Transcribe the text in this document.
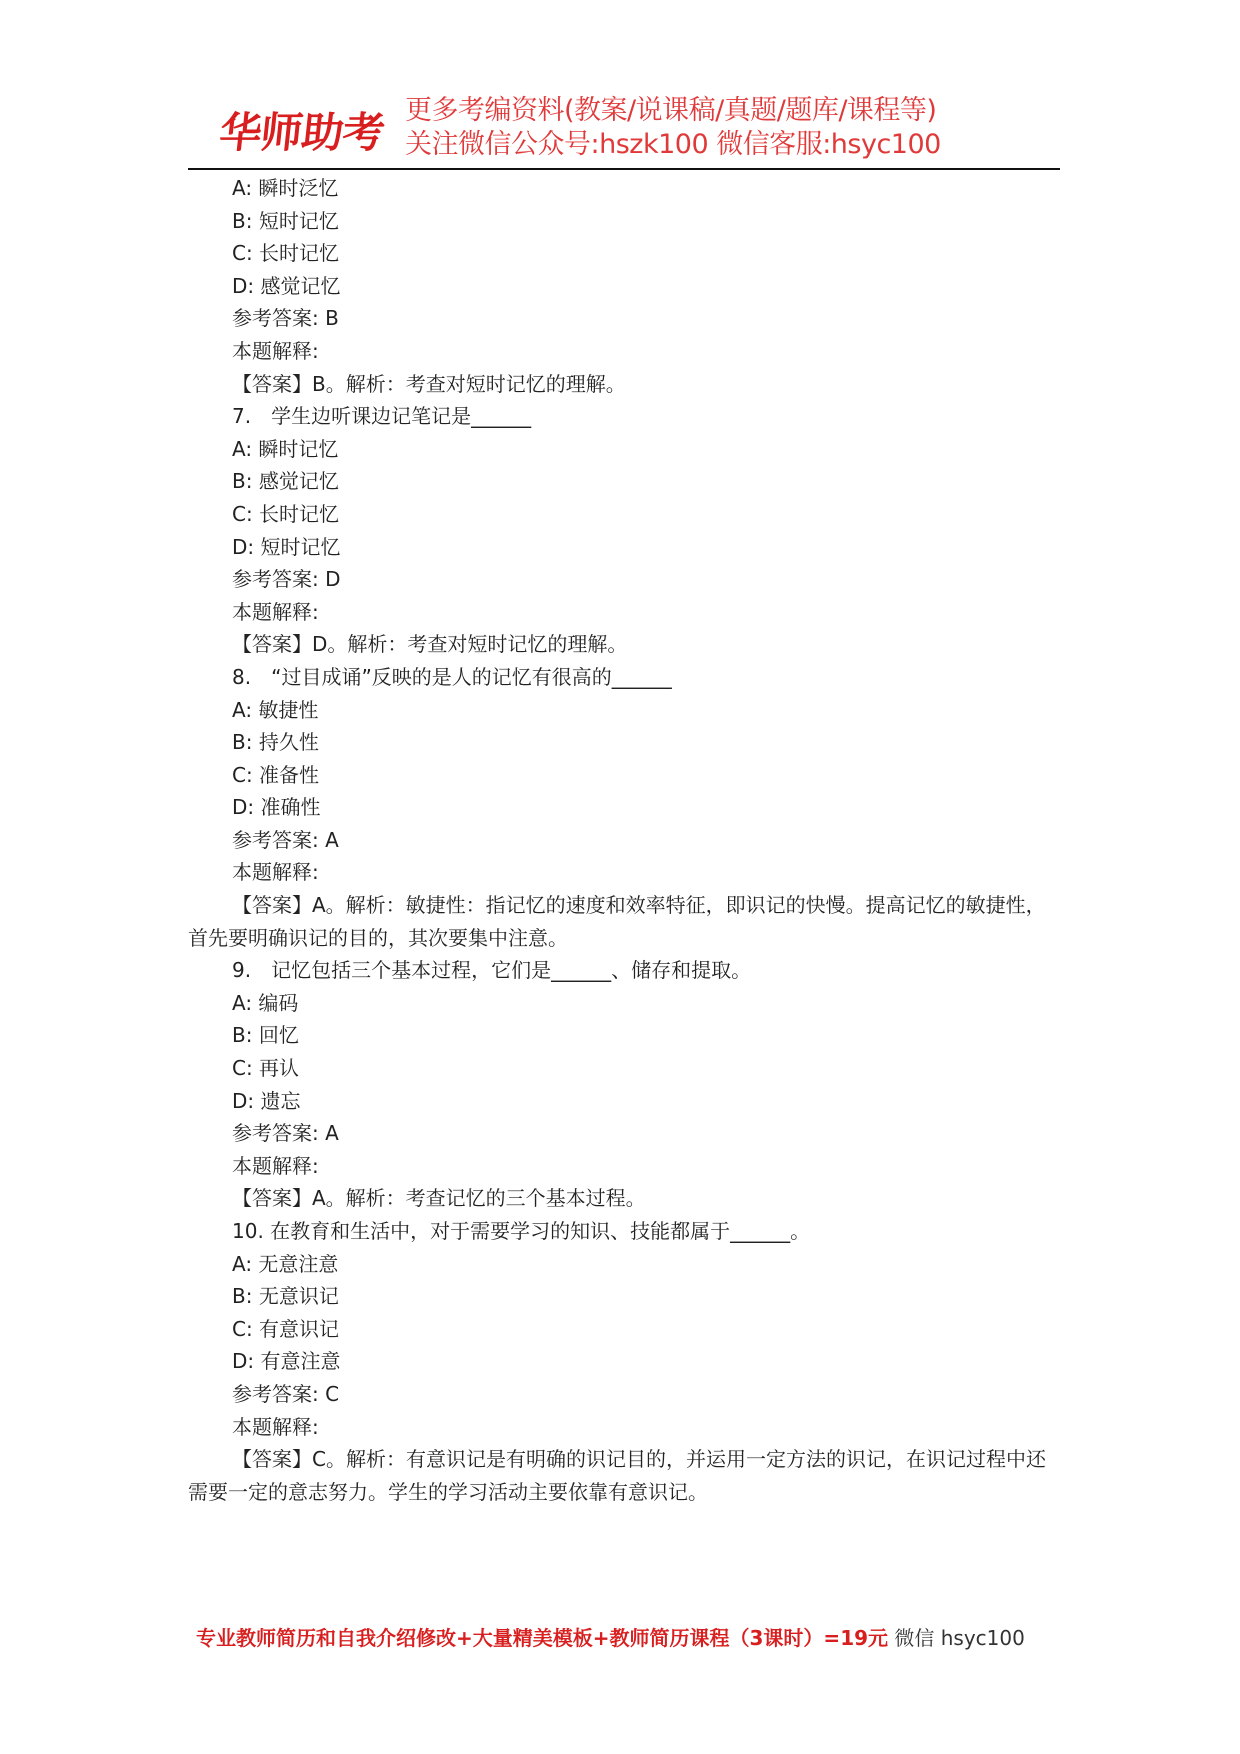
华师助考 更多考编资料(教案/说课稿/真题/题库/课程等)
关注微信公众号:hszk100 微信客服:hsyc100
A: 瞬时泛忆
B: 短时记忆
C: 长时记忆
D: 感觉记忆
参考答案: B
本题解释:
【答案】B。解析：考查对短时记忆的理解。
7.　学生边听课边记笔记是______
A: 瞬时记忆
B: 感觉记忆
C: 长时记忆
D: 短时记忆
参考答案: D
本题解释:
【答案】D。解析：考查对短时记忆的理解。
8.　“过目成诵”反映的是人的记忆有很高的______
A: 敏捷性
B: 持久性
C: 准备性
D: 准确性
参考答案: A
本题解释:
【答案】A。解析：敏捷性：指记忆的速度和效率特征，即识记的快慢。提高记忆的敏捷性，首先要明确识记的目的，其次要集中注意。
9.　记忆包括三个基本过程，它们是______、储存和提取。
A: 编码
B: 回忆
C: 再认
D: 遗忘
参考答案: A
本题解释:
【答案】A。解析：考查记忆的三个基本过程。
10. 在教育和生活中，对于需要学习的知识、技能都属于______。
A: 无意注意
B: 无意识记
C: 有意识记
D: 有意注意
参考答案: C
本题解释:
【答案】C。解析：有意识记是有明确的识记目的，并运用一定方法的识记，在识记过程中还需要一定的意志努力。学生的学习活动主要依靠有意识记。
专业教师简历和自我介绍修改+大量精美模板+教师简历课程（3课时）=19元 微信 hsyc100
